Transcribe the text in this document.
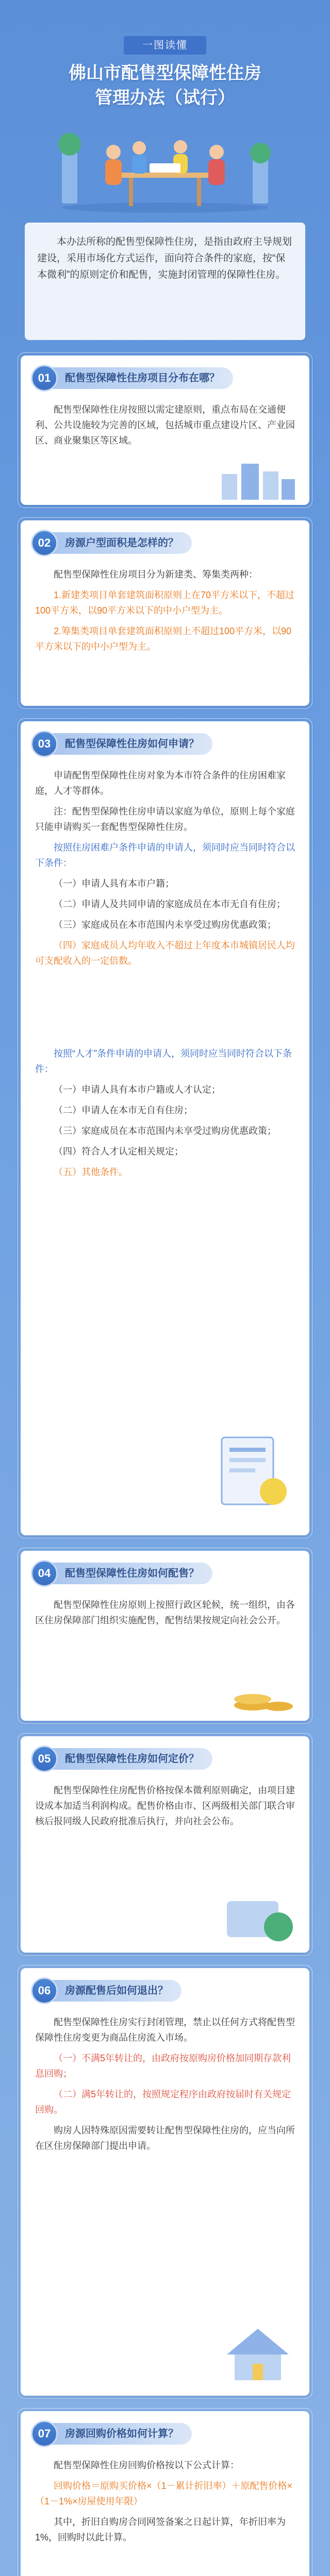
一图读懂
佛山市配售型保障性住房
管理办法（试行）
本办法所称的配售型保障性住房，是指由政府主导规划建设，采用市场化方式运作，面向符合条件的家庭，按“保本微利”的原则定价和配售，实施封闭管理的保障性住房。
01	配售型保障性住房项目分布在哪？

配售型保障性住房按照以需定建原则，重点布局在交通便利、公共设施较为完善的区域，包括城市重点建设片区、产业园区、商业聚集区等区域。

02	房源户型面积是怎样的？

配售型保障性住房项目分为新建类、筹集类两种：

1.新建类项目单套建筑面积原则上在70平方米以下，不超过100平方米，以90平方米以下的中小户型为主。

2.筹集类项目单套建筑面积原则上不超过100平方米，以90平方米以下的中小户型为主。

03	配售型保障性住房如何申请？

申请配售型保障性住房对象为本市符合条件的住房困难家庭，人才等群体。

注：配售型保障性住房申请以家庭为单位，原则上每个家庭只能申请购买一套配售型保障性住房。

按照住房困难户条件申请的申请人，须同时应当同时符合以下条件：

（一）申请人具有本市户籍；

（二）申请人及共同申请的家庭成员在本市无自有住房；

（三）家庭成员在本市范围内未享受过购房优惠政策；

（四）家庭成员人均年收入不超过上年度本市城镇居民人均可支配收入的一定倍数。

按照“人才”条件申请的申请人，须同时应当同时符合以下条件：

（一）申请人具有本市户籍或人才认定；

（二）申请人在本市无自有住房；

（三）家庭成员在本市范围内未享受过购房优惠政策；

（四）符合人才认定相关规定；

（五）其他条件。

04	配售型保障性住房如何配售？

配售型保障性住房原则上按照行政区轮候，统一组织，由各区住房保障部门组织实施配售，配售结果按规定向社会公开。

05	配售型保障性住房如何定价？

配售型保障性住房配售价格按保本微利原则确定，由项目建设成本加适当利润构成。配售价格由市、区两级相关部门联合审核后报同级人民政府批准后执行，并向社会公布。

06	房源配售后如何退出？

配售型保障性住房实行封闭管理，禁止以任何方式将配售型保障性住房变更为商品住房流入市场。

（一）不满5年转让的，由政府按原购房价格加同期存款利息回购；

（二）满5年转让的，按照规定程序由政府按届时有关规定回购。

购房人因特殊原因需要转让配售型保障性住房的，应当向所在区住房保障部门提出申请。

07	房源回购价格如何计算？

配售型保障性住房回购价格按以下公式计算：

回购价格＝原购买价格×（1－累计折旧率）＋原配售价格×（1－1%×房屋使用年限）

其中，折旧自购房合同网签备案之日起计算，年折旧率为1%，回购时以此计算。
